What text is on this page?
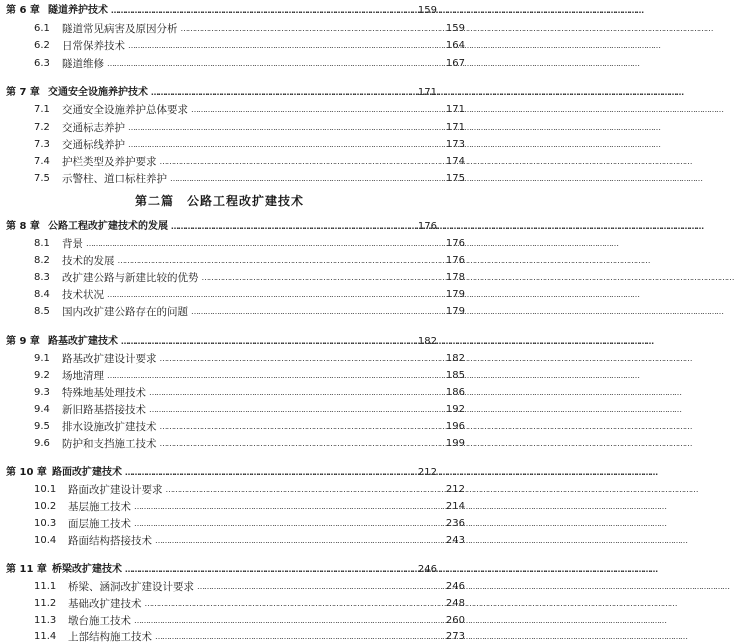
第 6 章 隧道养护技术 …………………………………………………………………………………………………………………………………………………………………………………………………………	159
6.1	隧道常见病害及原因分析 …………………………………………………………………………………………………………………………………………………………………………………………………………	159
6.2	日常保养技术 …………………………………………………………………………………………………………………………………………………………………………………………………………	164
6.3	隧道维修 …………………………………………………………………………………………………………………………………………………………………………………………………………	167
第 7 章 交通安全设施养护技术 …………………………………………………………………………………………………………………………………………………………………………………………………………	171
7.1	交通安全设施养护总体要求 …………………………………………………………………………………………………………………………………………………………………………………………………………	171
7.2	交通标志养护 …………………………………………………………………………………………………………………………………………………………………………………………………………	171
7.3	交通标线养护 …………………………………………………………………………………………………………………………………………………………………………………………………………	173
7.4	护栏类型及养护要求 …………………………………………………………………………………………………………………………………………………………………………………………………………	174
7.5	示警柱、道口标柱养护 …………………………………………………………………………………………………………………………………………………………………………………………………………	175
第二篇　公路工程改扩建技术
第 8 章 公路工程改扩建技术的发展 …………………………………………………………………………………………………………………………………………………………………………………………………………	176
8.1	背景 …………………………………………………………………………………………………………………………………………………………………………………………………………	176
8.2	技术的发展 …………………………………………………………………………………………………………………………………………………………………………………………………………	176
8.3	改扩建公路与新建比较的优势 …………………………………………………………………………………………………………………………………………………………………………………………………………	178
8.4	技术状况 …………………………………………………………………………………………………………………………………………………………………………………………………………	179
8.5	国内改扩建公路存在的问题 …………………………………………………………………………………………………………………………………………………………………………………………………………	179
第 9 章 路基改扩建技术 …………………………………………………………………………………………………………………………………………………………………………………………………………	182
9.1	路基改扩建设计要求 …………………………………………………………………………………………………………………………………………………………………………………………………………	182
9.2	场地清理 …………………………………………………………………………………………………………………………………………………………………………………………………………	185
9.3	特殊地基处理技术 …………………………………………………………………………………………………………………………………………………………………………………………………………	186
9.4	新旧路基搭接技术 …………………………………………………………………………………………………………………………………………………………………………………………………………	192
9.5	排水设施改扩建技术 …………………………………………………………………………………………………………………………………………………………………………………………………………	196
9.6	防护和支挡施工技术 …………………………………………………………………………………………………………………………………………………………………………………………………………	199
第 10 章 路面改扩建技术 …………………………………………………………………………………………………………………………………………………………………………………………………………	212
10.1	路面改扩建设计要求 …………………………………………………………………………………………………………………………………………………………………………………………………………	212
10.2	基层施工技术 …………………………………………………………………………………………………………………………………………………………………………………………………………	214
10.3	面层施工技术 …………………………………………………………………………………………………………………………………………………………………………………………………………	236
10.4	路面结构搭接技术 …………………………………………………………………………………………………………………………………………………………………………………………………………	243
第 11 章 桥梁改扩建技术 …………………………………………………………………………………………………………………………………………………………………………………………………………	246
11.1	桥梁、涵洞改扩建设计要求 …………………………………………………………………………………………………………………………………………………………………………………………………………	246
11.2	基础改扩建技术 …………………………………………………………………………………………………………………………………………………………………………………………………………	248
11.3	墩台施工技术 …………………………………………………………………………………………………………………………………………………………………………………………………………	260
11.4	上部结构施工技术 …………………………………………………………………………………………………………………………………………………………………………………………………………	273
